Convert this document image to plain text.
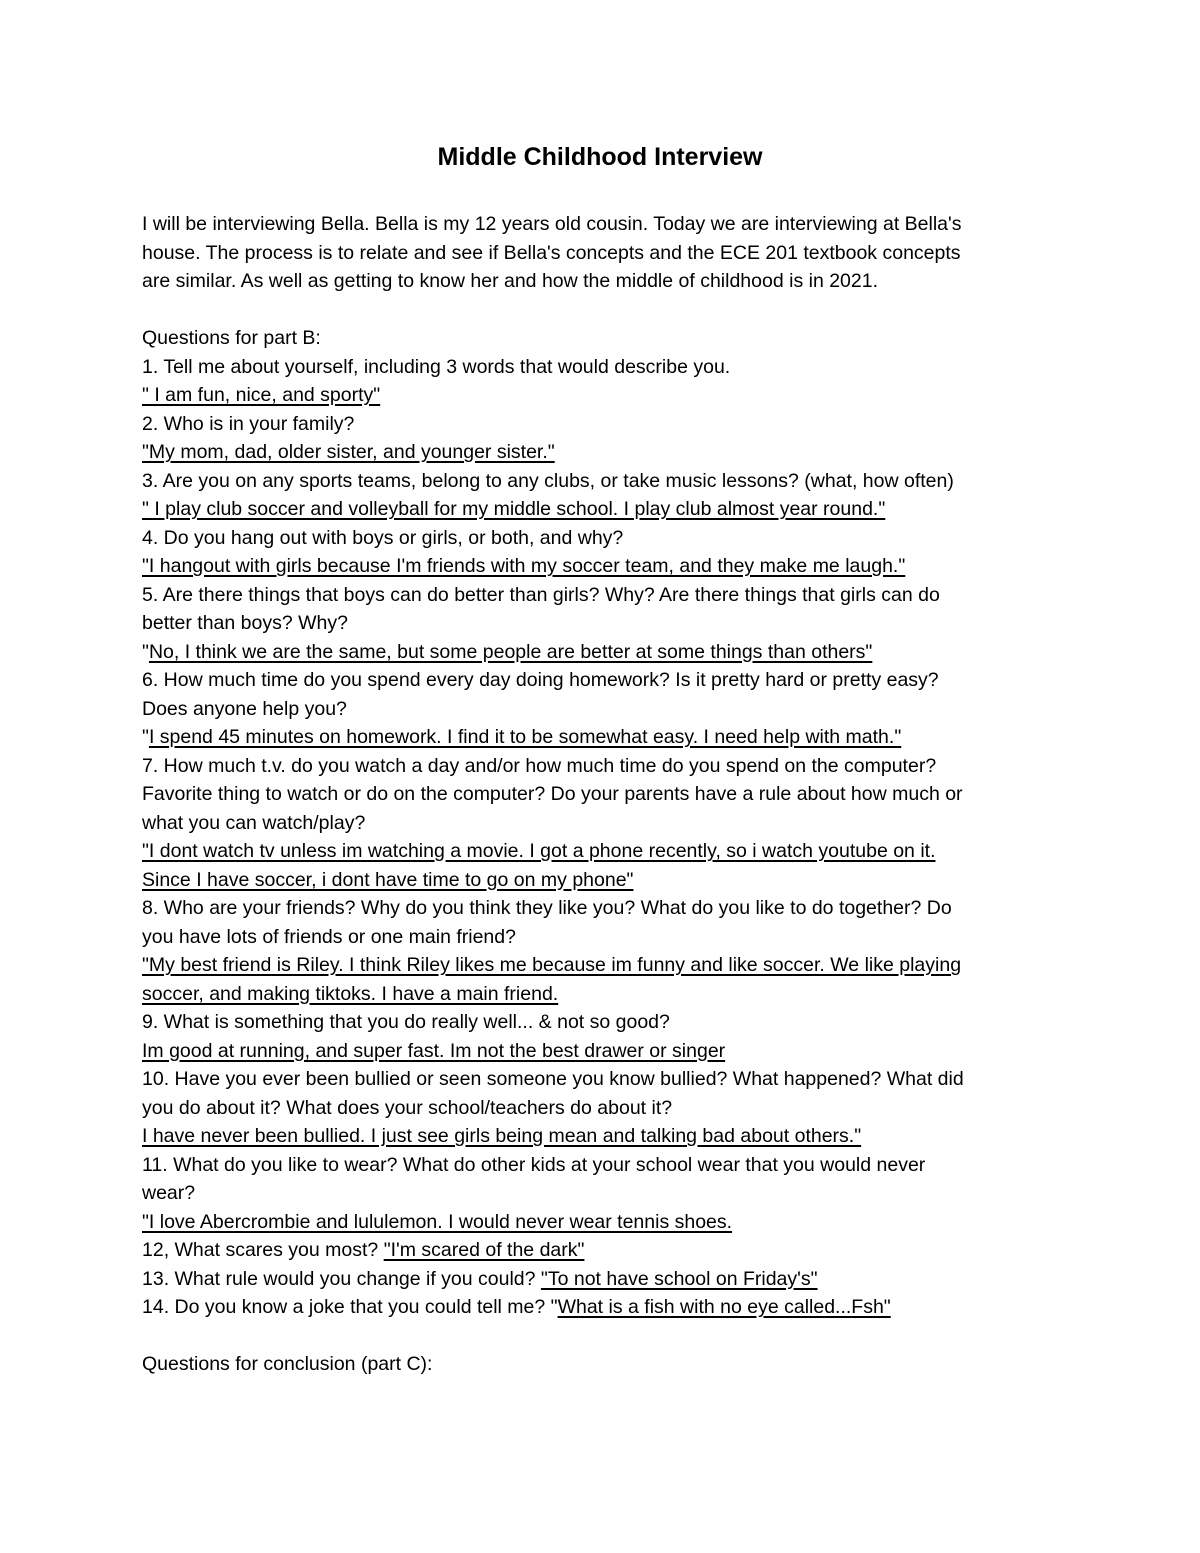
Middle Childhood Interview
I will be interviewing Bella. Bella is my 12 years old cousin. Today we are interviewing at Bella's
house. The process is to relate and see if Bella's concepts and the ECE 201 textbook concepts
are similar. As well as getting to know her and how the middle of childhood is in 2021.
Questions for part B:
1. Tell me about yourself, including 3 words that would describe you.
" I am fun, nice, and sporty"
2. Who is in your family?
"My mom, dad, older sister, and younger sister."
3. Are you on any sports teams, belong to any clubs, or take music lessons? (what, how often)
" I play club soccer and volleyball for my middle school. I play club almost year round."
4. Do you hang out with boys or girls, or both, and why?
"I hangout with girls because I'm friends with my soccer team, and they make me laugh."
5. Are there things that boys can do better than girls? Why? Are there things that girls can do
better than boys? Why?
"No, I think we are the same, but some people are better at some things than others"
6. How much time do you spend every day doing homework? Is it pretty hard or pretty easy?
Does anyone help you?
"I spend 45 minutes on homework. I find it to be somewhat easy. I need help with math."
7. How much t.v. do you watch a day and/or how much time do you spend on the computer?
Favorite thing to watch or do on the computer? Do your parents have a rule about how much or
what you can watch/play?
"I dont watch tv unless im watching a movie. I got a phone recently, so i watch youtube on it.
Since I have soccer, i dont have time to go on my phone"
8. Who are your friends? Why do you think they like you? What do you like to do together? Do
you have lots of friends or one main friend?
"My best friend is Riley. I think Riley likes me because im funny and like soccer. We like playing
soccer, and making tiktoks. I have a main friend.
9. What is something that you do really well... & not so good?
Im good at running, and super fast. Im not the best drawer or singer
10. Have you ever been bullied or seen someone you know bullied? What happened? What did
you do about it? What does your school/teachers do about it?
I have never been bullied. I just see girls being mean and talking bad about others."
11. What do you like to wear? What do other kids at your school wear that you would never
wear?
"I love Abercrombie and lululemon. I would never wear tennis shoes.
12, What scares you most? "I'm scared of the dark"
13. What rule would you change if you could? "To not have school on Friday's"
14. Do you know a joke that you could tell me? "What is a fish with no eye called...Fsh"
Questions for conclusion (part C):
